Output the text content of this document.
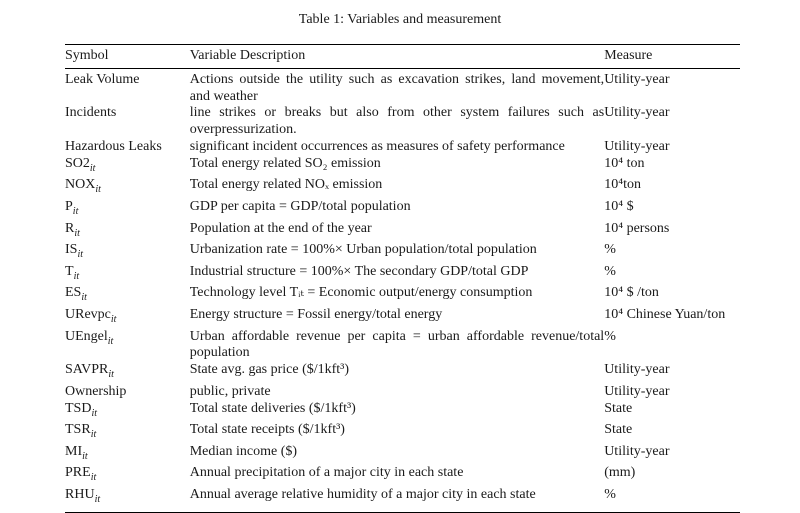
Table 1: Variables and measurement
Symbol	Variable Description	Measure
Leak Volume	Actions outside the utility such as excavation strikes, land movement, and weather	Utility-year
Incidents	line strikes or breaks but also from other system failures such as overpressurization.	Utility-year
Hazardous Leaks	significant incident occurrences as measures of safety performance	Utility-year
$SO2_{it}$	Total energy related SO₂ emission	10⁴ ton
$NOX_{it}$	Total energy related NOₓ emission	10⁴ton
$P_{it}$	GDP per capita = GDP/total population	10⁴ $
$R_{it}$	Population at the end of the year	10⁴ persons
$IS_{it}$	Urbanization rate = 100%× Urban population/total population	%
$T_{it}$	Industrial structure = 100%× The secondary GDP/total GDP	%
$ES_{it}$	Technology level Tᵢₜ = Economic output/energy consumption	10⁴ $ /ton
URevpc$_{it}$	Energy structure = Fossil energy/total energy	10⁴ Chinese Yuan/ton
UEngel$_{it}$	Urban affordable revenue per capita = urban affordable revenue/total population	%
$SAVPR_{it}$	State avg. gas price ($/1kft³)	Utility-year
Ownership	public, private	Utility-year
$TSD_{it}$	Total state deliveries ($/1kft³)	State
$TSR_{it}$	Total state receipts ($/1kft³)	State
$MI_{it}$	Median income ($)	Utility-year
$PRE_{it}$	Annual precipitation of a major city in each state	(mm)
$RHU_{it}$	Annual average relative humidity of a major city in each state	%
